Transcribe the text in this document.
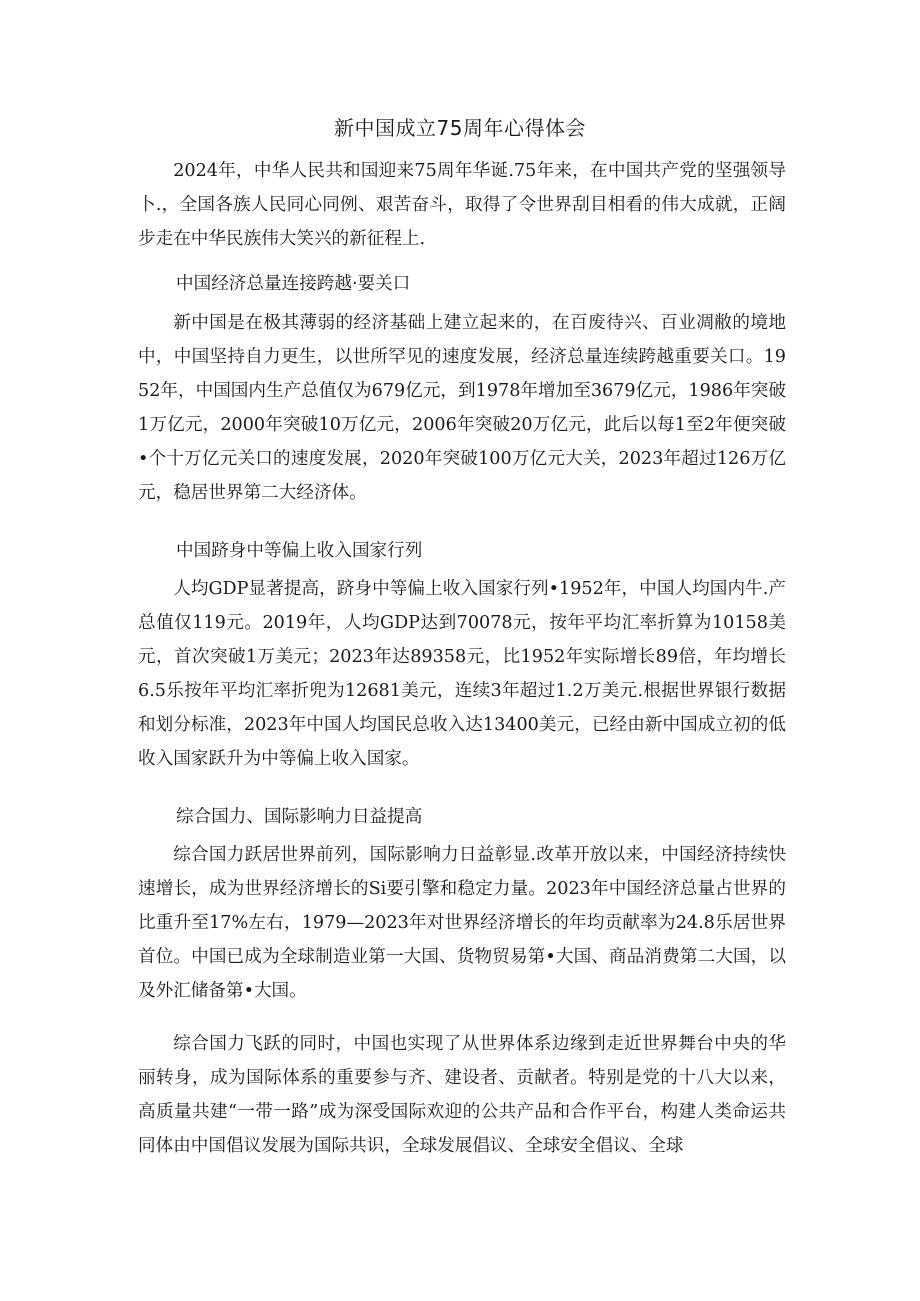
新中国成立75周年心得体会

2024年，中华人民共和国迎来75周年华诞.75年来，在中国共产党的坚强领导卜.，全国各族人民同心同例、艰苦奋斗，取得了令世界刮目相看的伟大成就，正阔步走在中华民族伟大笑兴的新征程上.

中国经济总量连接跨越·要关口

新中国是在极其薄弱的经济基础上建立起来的，在百废待兴、百业凋敝的境地中，中国坚持自力更生，以世所罕见的速度发展，经济总量连续跨越重要关口。1952年，中国国内生产总值仅为679亿元，到1978年增加至3679亿元，1986年突破1万亿元，2000年突破10万亿元，2006年突破20万亿元，此后以每1至2年便突破•个十万亿元关口的速度发展，2020年突破100万亿元大关，2023年超过126万亿元，稳居世界第二大经济体。

中国跻身中等偏上收入国家行列

人均GDP显著提高，跻身中等偏上收入国家行列•1952年，中国人均国内牛.产总值仅119元。2019年，人均GDP达到70078元，按年平均汇率折算为10158美元，首次突破1万美元；2023年达89358元，比1952年实际增长89倍，年均增长6.5乐按年平均汇率折兜为12681美元，连续3年超过1.2万美元.根据世界银行数据和划分标准，2023年中国人均国民总收入达13400美元，已经由新中国成立初的低收入国家跃升为中等偏上收入国家。

综合国力、国际影响力日益提高

综合国力跃居世界前列，国际影响力日益彰显.改革开放以来，中国经济持续快速增长，成为世界经济增长的Si要引擎和稳定力量。2023年中国经济总量占世界的比重升至17%左右，1979—2023年对世界经济增长的年均贡献率为24.8乐居世界首位。中国已成为全球制造业第一大国、货物贸易第•大国、商品消费第二大国，以及外汇储备第•大国。

综合国力飞跃的同时，中国也实现了从世界体系边缘到走近世界舞台中央的华丽转身，成为国际体系的重要参与齐、建设者、贡献者。特别是党的十八大以来，高质量共建“一带一路”成为深受国际欢迎的公共产品和合作平台，构建人类命运共同体由中国倡议发展为国际共识，全球发展倡议、全球安全倡议、全球
